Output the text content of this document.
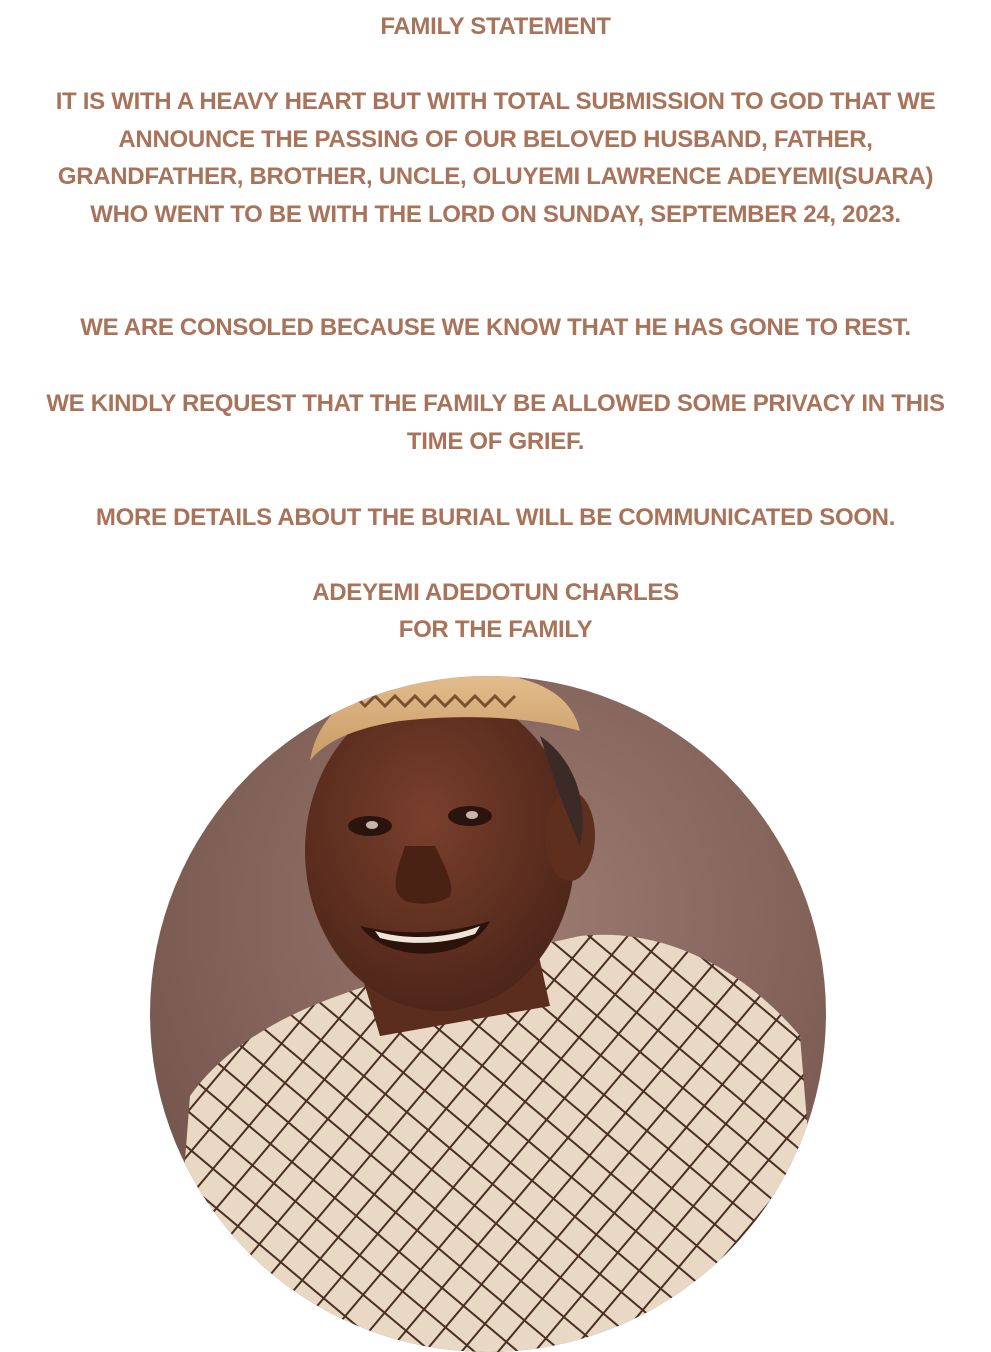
FAMILY STATEMENT
IT IS WITH A HEAVY HEART BUT WITH TOTAL SUBMISSION TO GOD THAT WE ANNOUNCE THE PASSING OF OUR BELOVED HUSBAND, FATHER, GRANDFATHER, BROTHER, UNCLE, OLUYEMI LAWRENCE ADEYEMI(SUARA) WHO WENT TO BE WITH THE LORD ON SUNDAY, SEPTEMBER 24, 2023.
WE ARE CONSOLED BECAUSE WE KNOW THAT HE HAS GONE TO REST.
WE KINDLY REQUEST THAT THE FAMILY BE ALLOWED SOME PRIVACY IN THIS TIME OF GRIEF.
MORE DETAILS ABOUT THE BURIAL WILL BE COMMUNICATED SOON.
ADEYEMI ADEDOTUN CHARLES
FOR THE FAMILY
